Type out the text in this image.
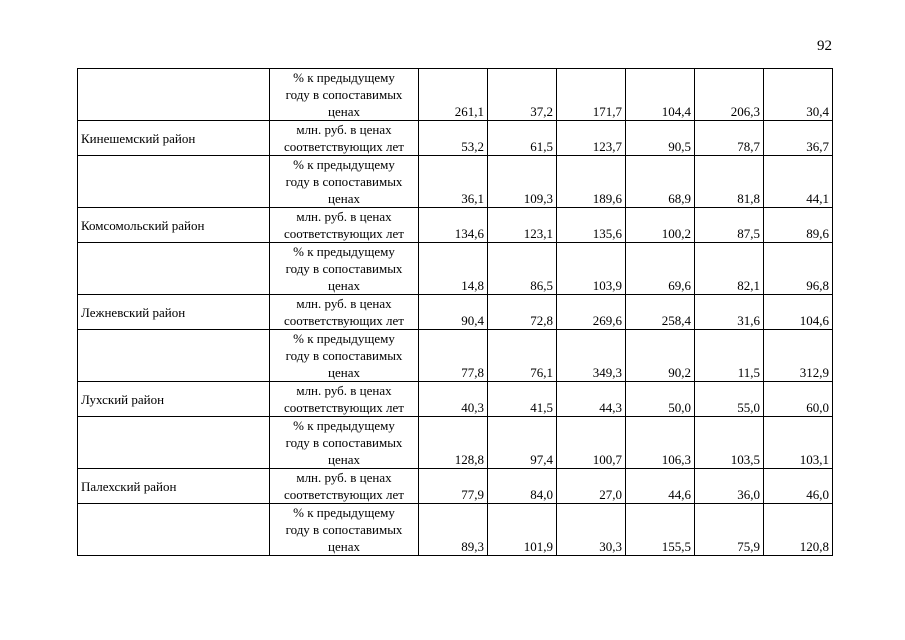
92

	% к предыдущему
году в сопоставимых
ценах	261,1	37,2	171,7	104,4	206,3	30,4
Кинешемский район	млн. руб. в ценах
соответствующих лет	53,2	61,5	123,7	90,5	78,7	36,7

	% к предыдущему
году в сопоставимых
ценах	36,1	109,3	189,6	68,9	81,8	44,1
Комсомольский район	млн. руб. в ценах
соответствующих лет	134,6	123,1	135,6	100,2	87,5	89,6

	% к предыдущему
году в сопоставимых
ценах	14,8	86,5	103,9	69,6	82,1	96,8
Лежневский район	млн. руб. в ценах
соответствующих лет	90,4	72,8	269,6	258,4	31,6	104,6

	% к предыдущему
году в сопоставимых
ценах	77,8	76,1	349,3	90,2	11,5	312,9
Лухский район	млн. руб. в ценах
соответствующих лет	40,3	41,5	44,3	50,0	55,0	60,0

	% к предыдущему
году в сопоставимых
ценах	128,8	97,4	100,7	106,3	103,5	103,1
Палехский район	млн. руб. в ценах
соответствующих лет	77,9	84,0	27,0	44,6	36,0	46,0

	% к предыдущему
году в сопоставимых
ценах	89,3	101,9	30,3	155,5	75,9	120,8
